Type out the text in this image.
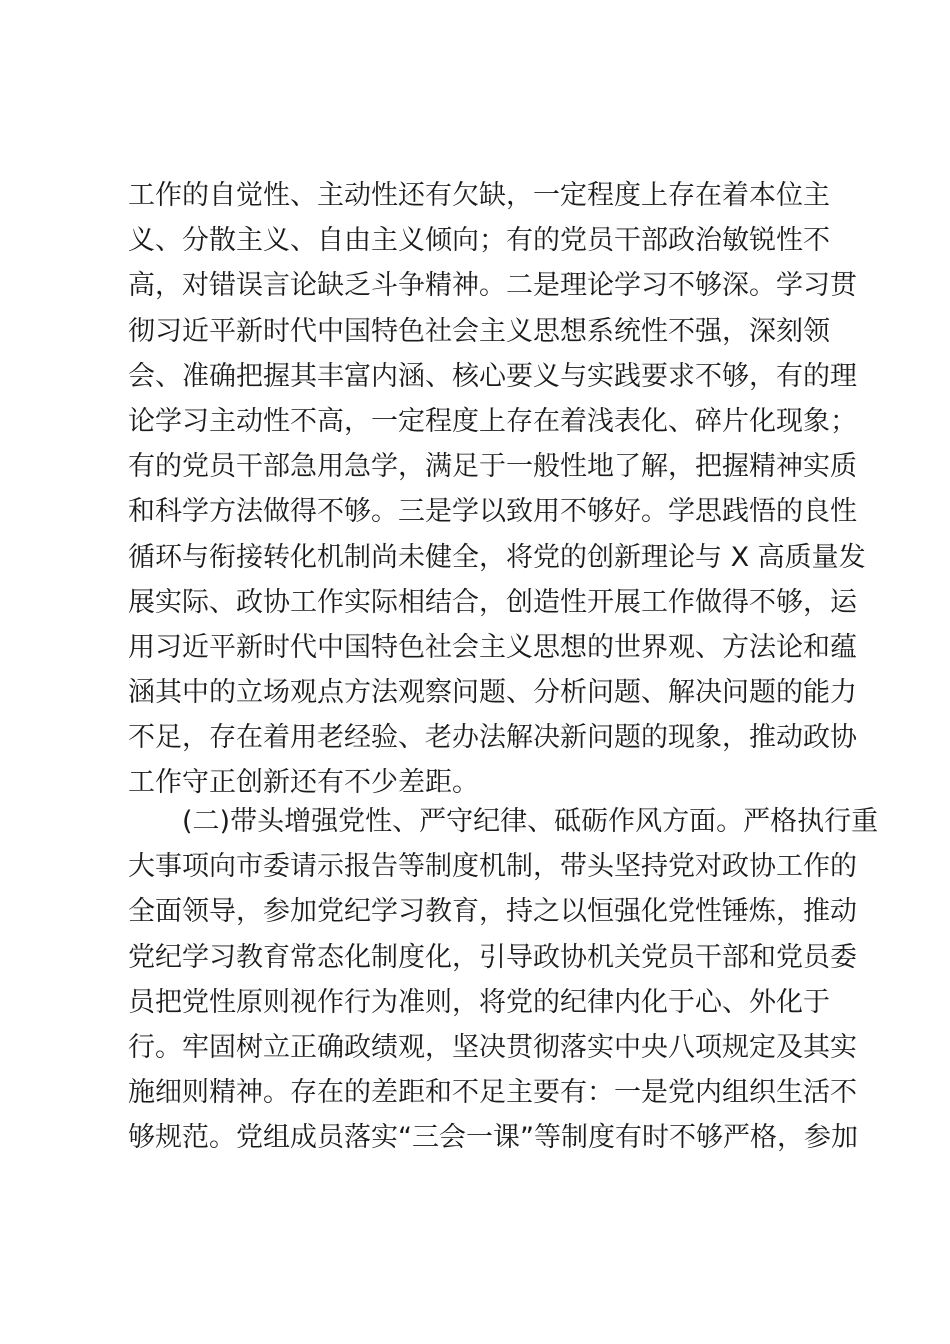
工作的自觉性、主动性还有欠缺，一定程度上存在着本位主
义、分散主义、自由主义倾向；有的党员干部政治敏锐性不
高，对错误言论缺乏斗争精神。二是理论学习不够深。学习贯
彻习近平新时代中国特色社会主义思想系统性不强，深刻领
会、准确把握其丰富内涵、核心要义与实践要求不够，有的理
论学习主动性不高，一定程度上存在着浅表化、碎片化现象；
有的党员干部急用急学，满足于一般性地了解，把握精神实质
和科学方法做得不够。三是学以致用不够好。学思践悟的良性
循环与衔接转化机制尚未健全，将党的创新理论与 X 高质量发
展实际、政协工作实际相结合，创造性开展工作做得不够，运
用习近平新时代中国特色社会主义思想的世界观、方法论和蕴
涵其中的立场观点方法观察问题、分析问题、解决问题的能力
不足，存在着用老经验、老办法解决新问题的现象，推动政协
工作守正创新还有不少差距。
(二)带头增强党性、严守纪律、砥砺作风方面。严格执行重
大事项向市委请示报告等制度机制，带头坚持党对政协工作的
全面领导，参加党纪学习教育，持之以恒强化党性锤炼，推动
党纪学习教育常态化制度化，引导政协机关党员干部和党员委
员把党性原则视作行为准则，将党的纪律内化于心、外化于
行。牢固树立正确政绩观，坚决贯彻落实中央八项规定及其实
施细则精神。存在的差距和不足主要有：一是党内组织生活不
够规范。党组成员落实“三会一课”等制度有时不够严格，参加
